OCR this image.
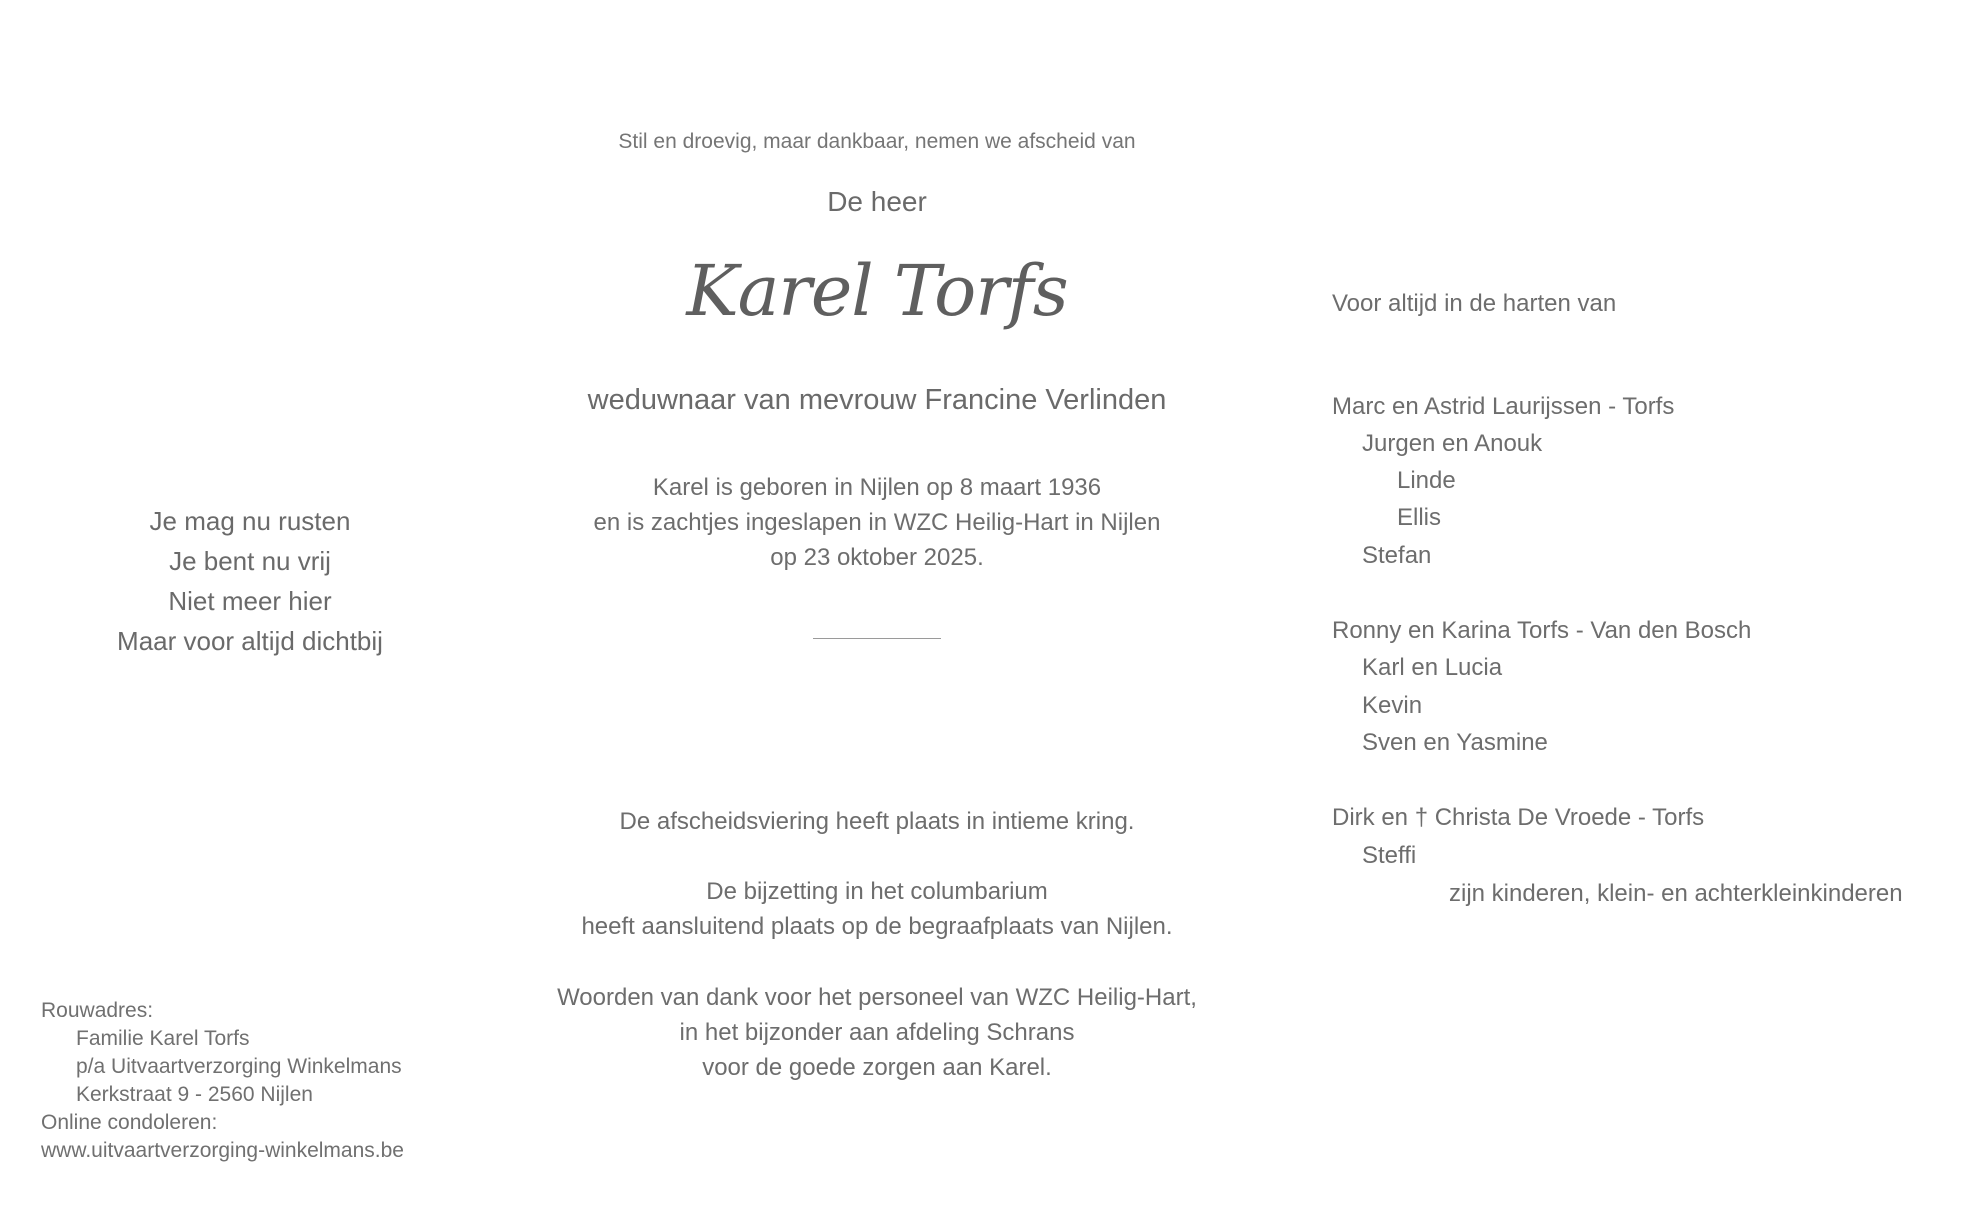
Stil en droevig, maar dankbaar, nemen we afscheid van
De heer
Karel Torfs
weduwnaar van mevrouw Francine Verlinden
Karel is geboren in Nijlen op 8 maart 1936
en is zachtjes ingeslapen in WZC Heilig-Hart in Nijlen
op 23 oktober 2025.
De afscheidsviering heeft plaats in intieme kring.
De bijzetting in het columbarium
heeft aansluitend plaats op de begraafplaats van Nijlen.
Woorden van dank voor het personeel van WZC Heilig-Hart,
in het bijzonder aan afdeling Schrans
voor de goede zorgen aan Karel.
Je mag nu rusten
Je bent nu vrij
Niet meer hier
Maar voor altijd dichtbij
Rouwadres:
Familie Karel Torfs
p/a Uitvaartverzorging Winkelmans
Kerkstraat 9 - 2560 Nijlen
Online condoleren:
www.uitvaartverzorging-winkelmans.be
Voor altijd in de harten van
Marc en Astrid Laurijssen - Torfs
Jurgen en Anouk
Linde
Ellis
Stefan
Ronny en Karina Torfs - Van den Bosch
Karl en Lucia
Kevin
Sven en Yasmine
Dirk en † Christa De Vroede - Torfs
Steffi
zijn kinderen, klein- en achterkleinkinderen
